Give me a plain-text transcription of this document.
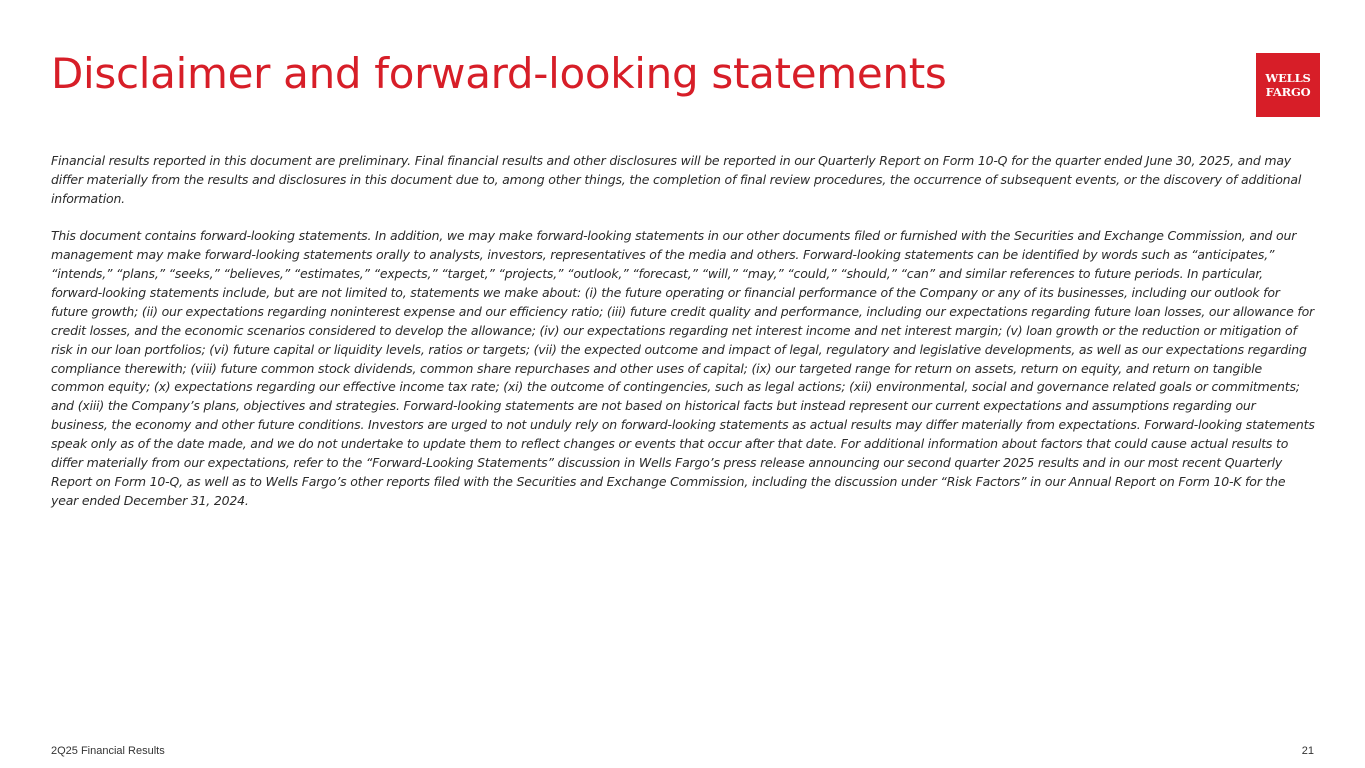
Disclaimer and forward-looking statements	WELLS
FARGO

Financial results reported in this document are preliminary. Final financial results and other disclosures will be reported in our Quarterly Report on Form 10-Q for the quarter ended June 30, 2025, and may differ materially from the results and disclosures in this document due to, among other things, the completion of final review procedures, the occurrence of subsequent events, or the discovery of additional information.

This document contains forward-looking statements. In addition, we may make forward-looking statements in our other documents filed or furnished with the Securities and Exchange Commission, and our management may make forward-looking statements orally to analysts, investors, representatives of the media and others. Forward-looking statements can be identified by words such as “anticipates,” “intends,” “plans,” “seeks,” “believes,” “estimates,” “expects,” “target,” “projects,” “outlook,” “forecast,” “will,” “may,” “could,” “should,” “can” and similar references to future periods. In particular, forward-looking statements include, but are not limited to, statements we make about: (i) the future operating or financial performance of the Company or any of its businesses, including our outlook for future growth; (ii) our expectations regarding noninterest expense and our efficiency ratio; (iii) future credit quality and performance, including our expectations regarding future loan losses, our allowance for credit losses, and the economic scenarios considered to develop the allowance; (iv) our expectations regarding net interest income and net interest margin; (v) loan growth or the reduction or mitigation of risk in our loan portfolios; (vi) future capital or liquidity levels, ratios or targets; (vii) the expected outcome and impact of legal, regulatory and legislative developments, as well as our expectations regarding compliance therewith; (viii) future common stock dividends, common share repurchases and other uses of capital; (ix) our targeted range for return on assets, return on equity, and return on tangible common equity; (x) expectations regarding our effective income tax rate; (xi) the outcome of contingencies, such as legal actions; (xii) environmental, social and governance related goals or commitments; and (xiii) the Company’s plans, objectives and strategies. Forward-looking statements are not based on historical facts but instead represent our current expectations and assumptions regarding our business, the economy and other future conditions. Investors are urged to not unduly rely on forward-looking statements as actual results may differ materially from expectations. Forward-looking statements speak only as of the date made, and we do not undertake to update them to reflect changes or events that occur after that date. For additional information about factors that could cause actual results to differ materially from our expectations, refer to the “Forward-Looking Statements” discussion in Wells Fargo’s press release announcing our second quarter 2025 results and in our most recent Quarterly Report on Form 10-Q, as well as to Wells Fargo’s other reports filed with the Securities and Exchange Commission, including the discussion under “Risk Factors” in our Annual Report on Form 10-K for the year ended December 31, 2024.

2Q25 Financial Results	21
